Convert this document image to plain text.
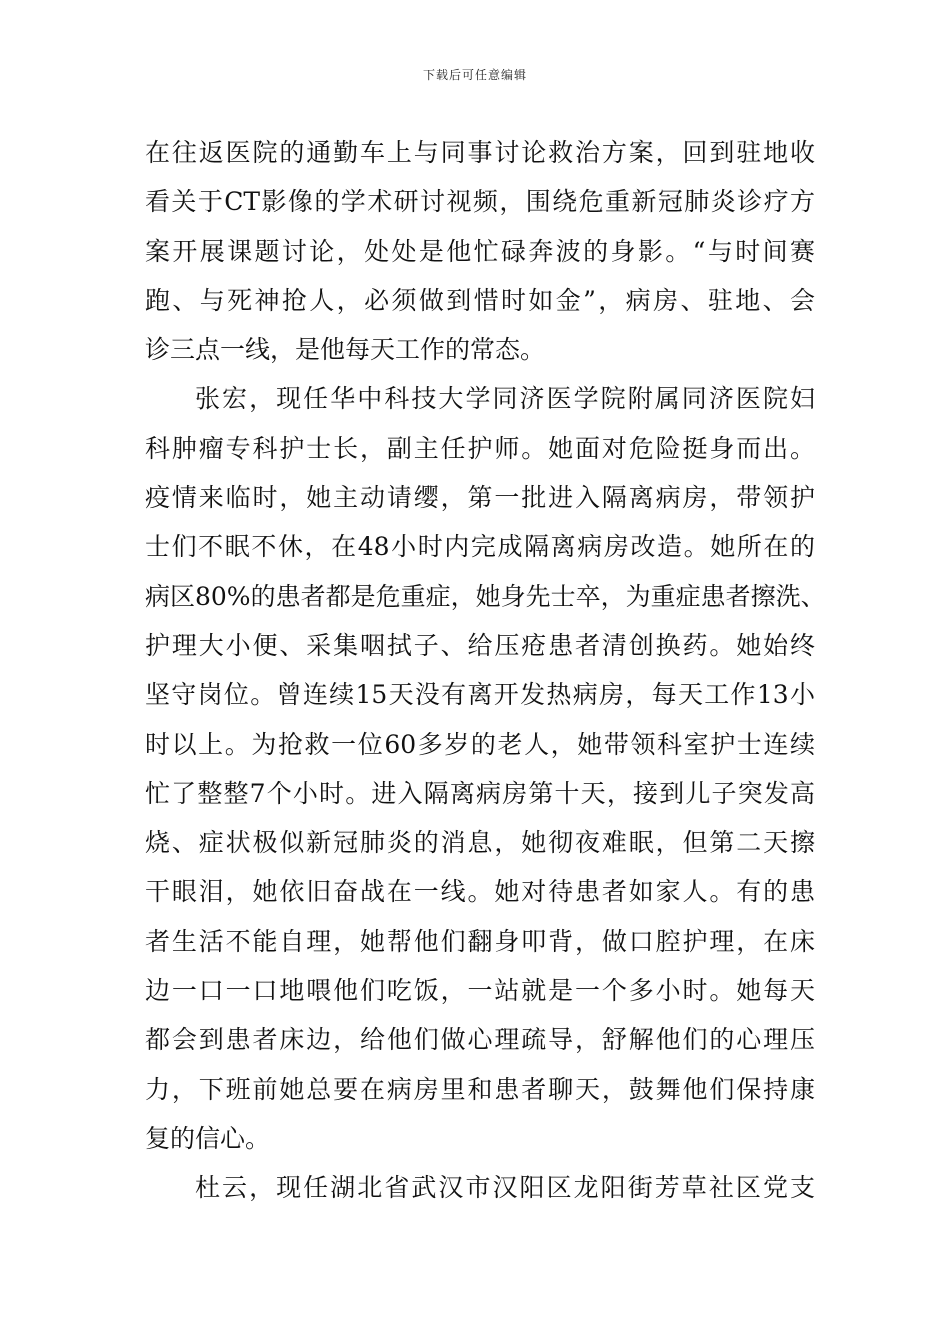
下载后可任意编辑
在往返医院的通勤车上与同事讨论救治方案，回到驻地收
看关于CT影像的学术研讨视频，围绕危重新冠肺炎诊疗方
案开展课题讨论，处处是他忙碌奔波的身影。“与时间赛
跑、与死神抢人，必须做到惜时如金”，病房、驻地、会
诊三点一线，是他每天工作的常态。
张宏，现任华中科技大学同济医学院附属同济医院妇
科肿瘤专科护士长，副主任护师。她面对危险挺身而出。
疫情来临时，她主动请缨，第一批进入隔离病房，带领护
士们不眠不休，在48小时内完成隔离病房改造。她所在的
病区80%的患者都是危重症，她身先士卒，为重症患者擦洗、
护理大小便、采集咽拭子、给压疮患者清创换药。她始终
坚守岗位。曾连续15天没有离开发热病房，每天工作13小
时以上。为抢救一位60多岁的老人，她带领科室护士连续
忙了整整7个小时。进入隔离病房第十天，接到儿子突发高
烧、症状极似新冠肺炎的消息，她彻夜难眠，但第二天擦
干眼泪，她依旧奋战在一线。她对待患者如家人。有的患
者生活不能自理，她帮他们翻身叩背，做口腔护理，在床
边一口一口地喂他们吃饭，一站就是一个多小时。她每天
都会到患者床边，给他们做心理疏导，舒解他们的心理压
力，下班前她总要在病房里和患者聊天，鼓舞他们保持康
复的信心。
杜云，现任湖北省武汉市汉阳区龙阳街芳草社区党支
